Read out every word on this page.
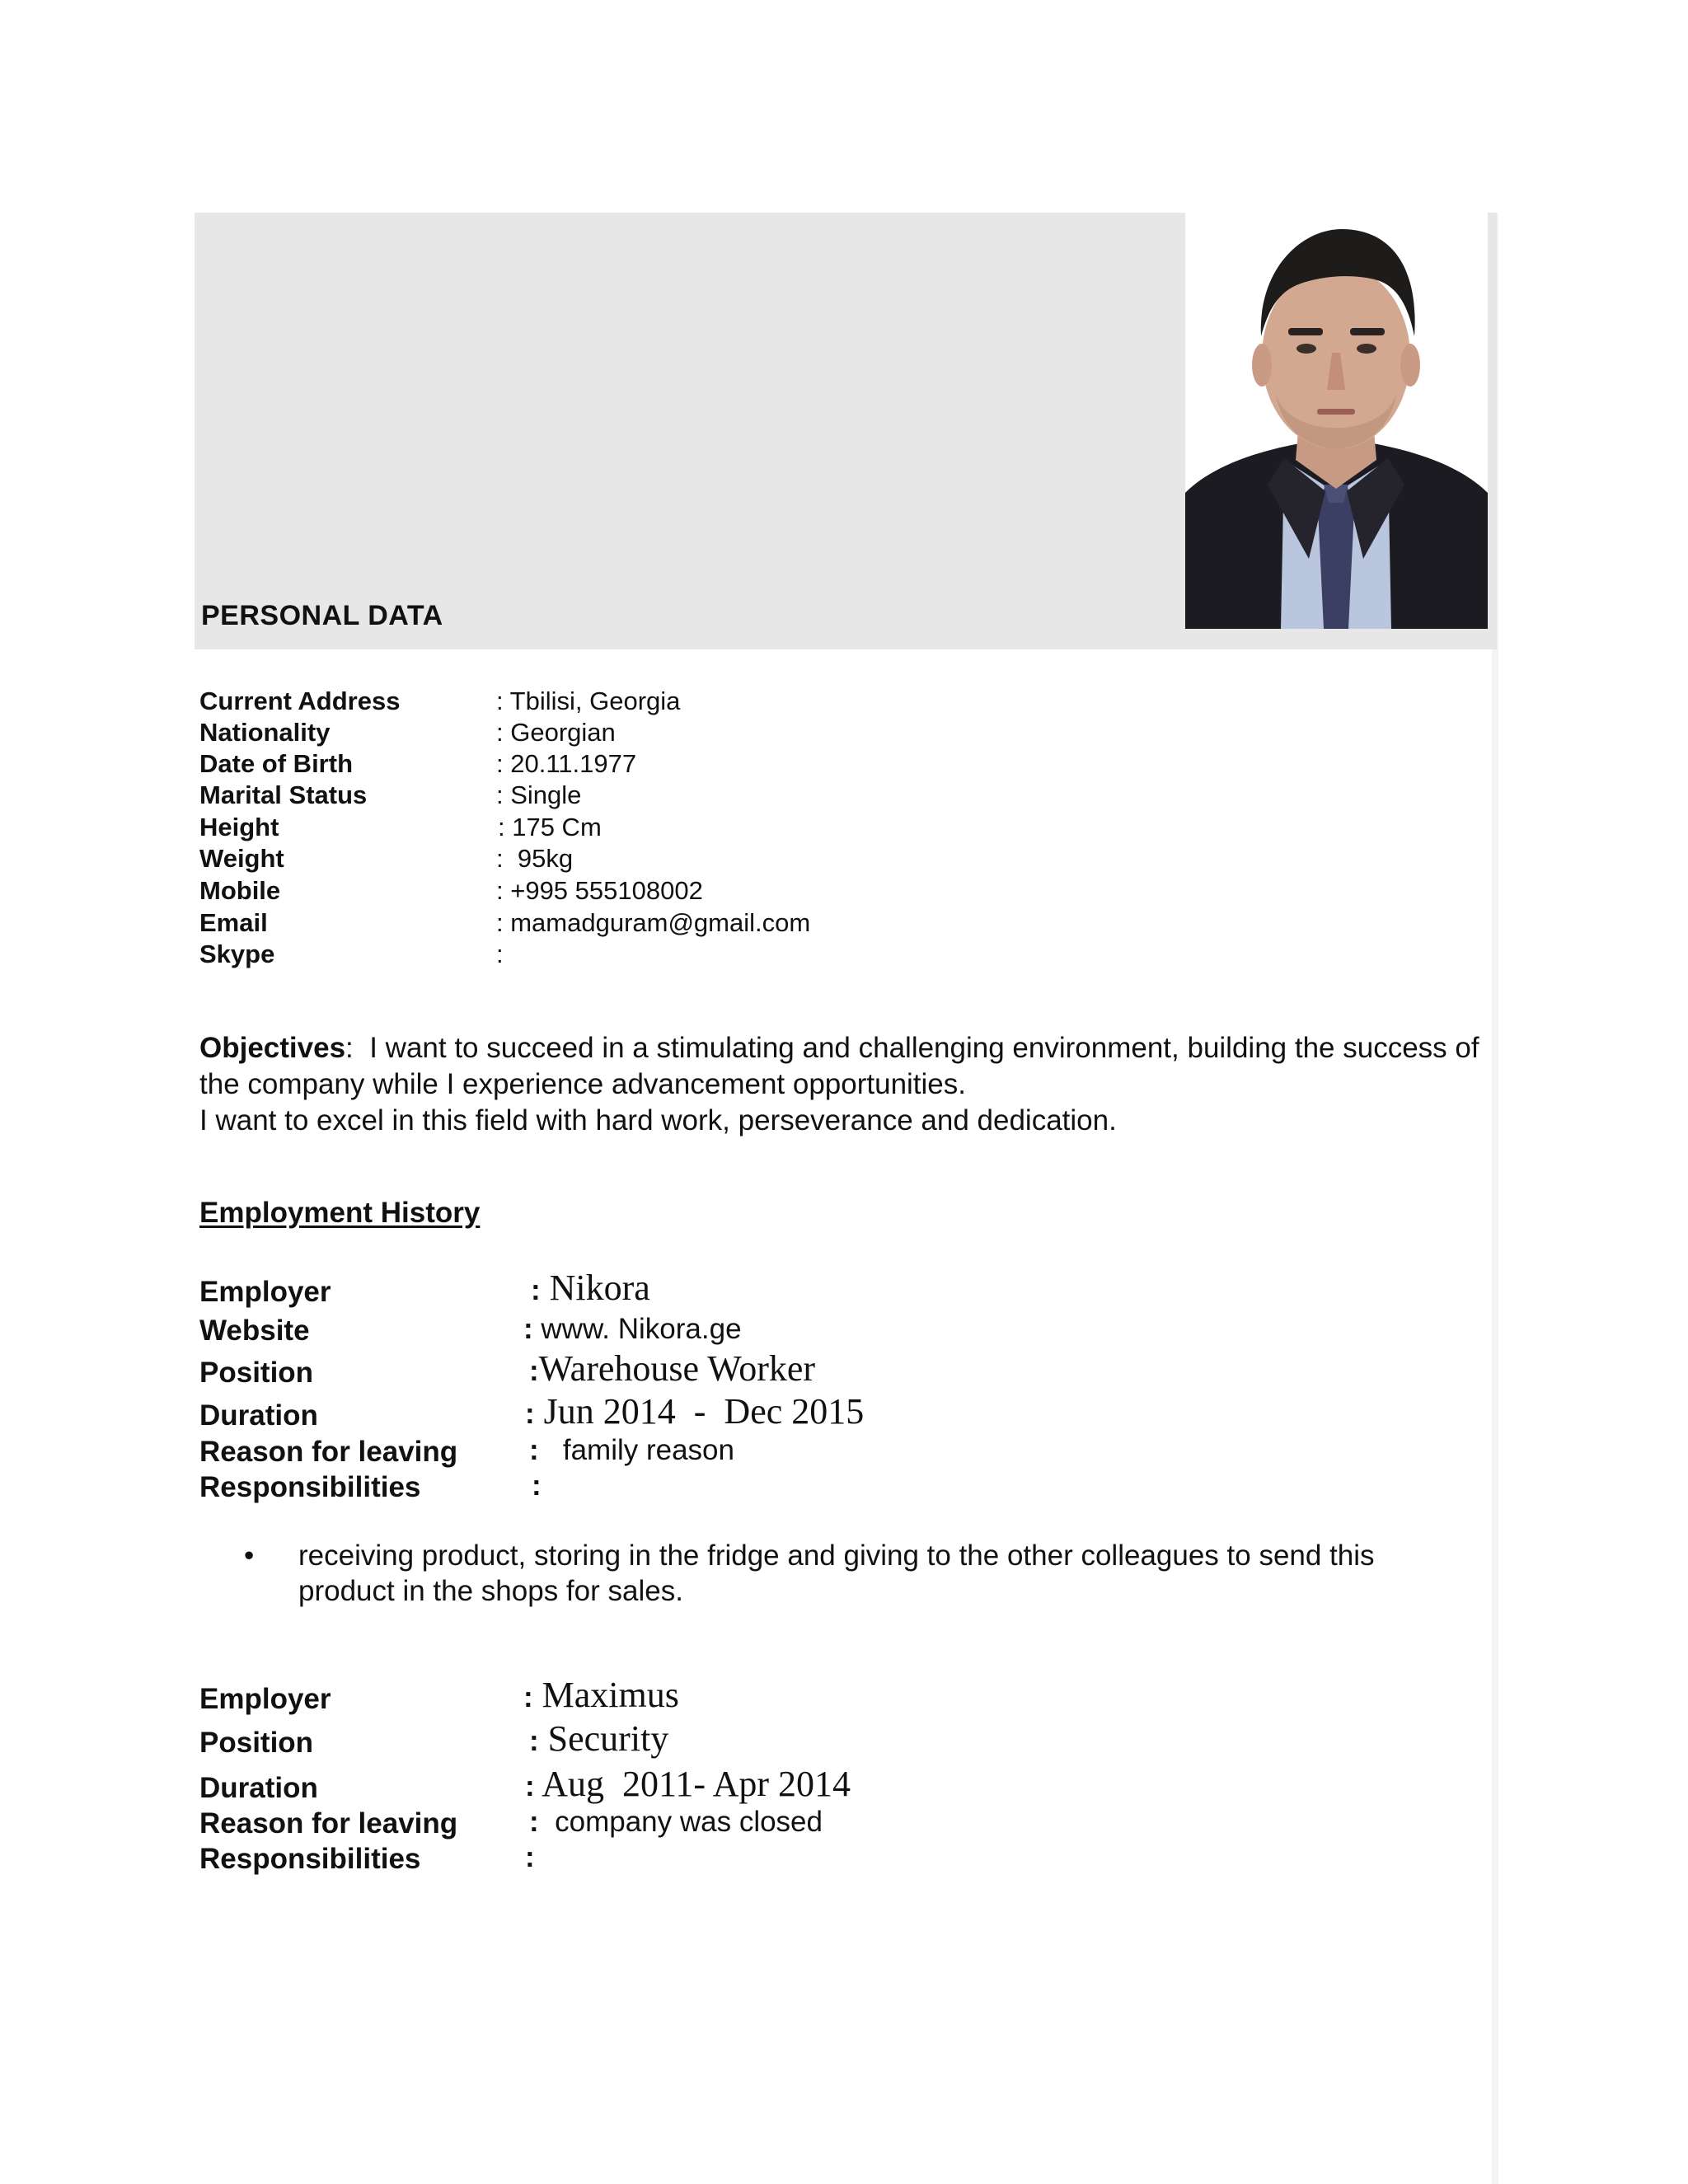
PERSONAL DATA
Current Address	: Tbilisi, Georgia
Nationality	: Georgian
Date of Birth	: 20.11.1977
Marital Status	: Single
Height	: 175 Cm
Weight	:  95kg
Mobile	: +995 555108002
Email	: mamadguram@gmail.com
Skype	:
Objectives:  I want to succeed in a stimulating and challenging environment, building the success of the company while I experience advancement opportunities.
I want to excel in this field with hard work, perseverance and dedication.
Employment History
Employer	: Nikora
Website	: www. Nikora.ge
Position	:Warehouse Worker
Duration	: Jun 2014  -  Dec 2015
Reason for leaving : family reason
Responsibilities	:
• receiving product, storing in the fridge and giving to the other colleagues to send this product in the shops for sales.
Employer	: Maximus
Position	: Security
Duration	: Aug  2011- Apr 2014
Reason for leaving : company was closed
Responsibilities	:
